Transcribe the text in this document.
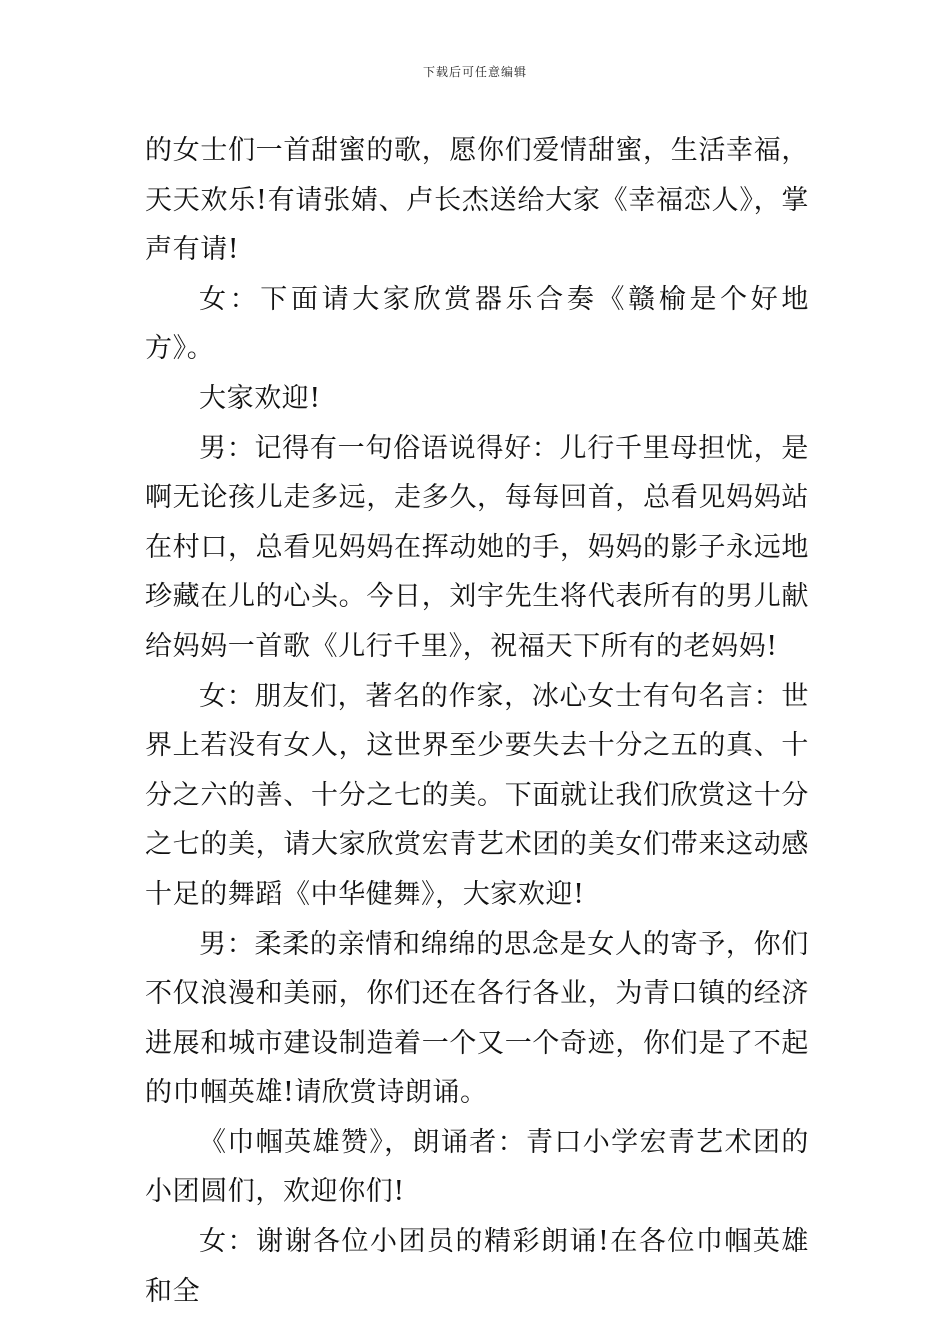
下载后可任意编辑

的女士们一首甜蜜的歌，愿你们爱情甜蜜，生活幸福，天天欢乐!有请张婧、卢长杰送给大家《幸福恋人》，掌声有请!

女：下面请大家欣赏器乐合奏《赣榆是个好地方》。

大家欢迎!

男：记得有一句俗语说得好：儿行千里母担忧，是啊无论孩儿走多远，走多久，每每回首，总看见妈妈站在村口，总看见妈妈在挥动她的手，妈妈的影子永远地珍藏在儿的心头。今日，刘宇先生将代表所有的男儿献给妈妈一首歌《儿行千里》，祝福天下所有的老妈妈!

女：朋友们，著名的作家，冰心女士有句名言：世界上若没有女人，这世界至少要失去十分之五的真、十分之六的善、十分之七的美。下面就让我们欣赏这十分之七的美，请大家欣赏宏青艺术团的美女们带来这动感十足的舞蹈《中华健舞》，大家欢迎!

男：柔柔的亲情和绵绵的思念是女人的寄予，你们不仅浪漫和美丽，你们还在各行各业，为青口镇的经济进展和城市建设制造着一个又一个奇迹，你们是了不起的巾帼英雄!请欣赏诗朗诵。

《巾帼英雄赞》，朗诵者：青口小学宏青艺术团的小团圆们，欢迎你们!

女：谢谢各位小团员的精彩朗诵!在各位巾帼英雄和全
